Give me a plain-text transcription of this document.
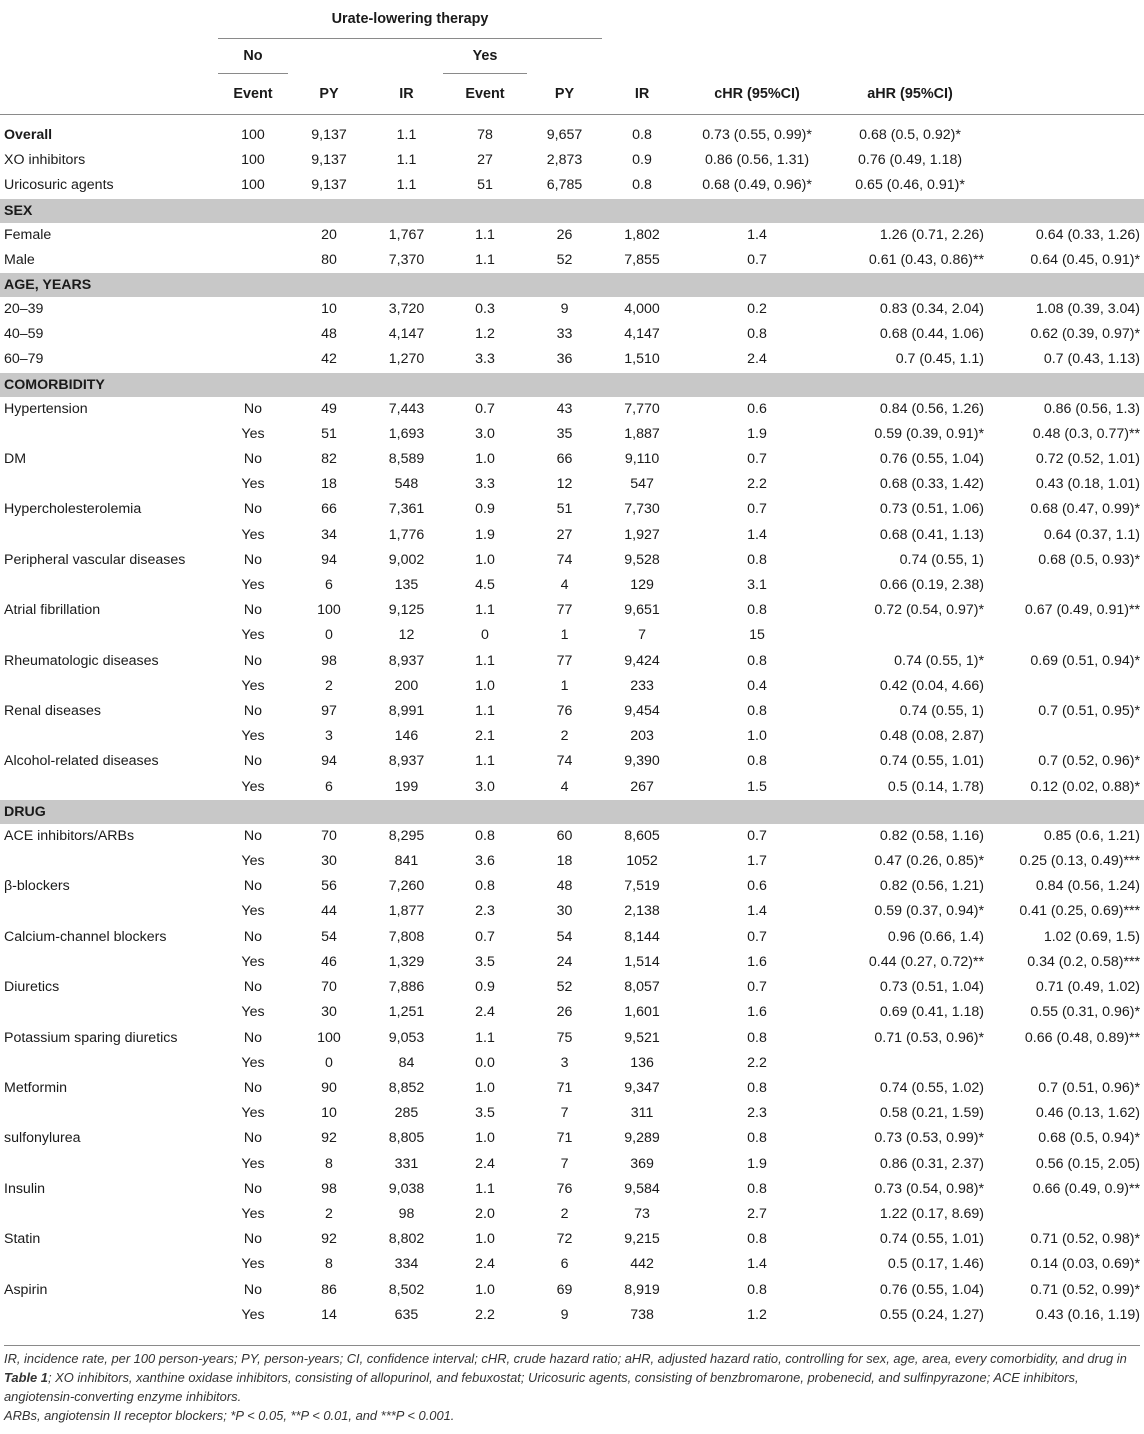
	Urate-lowering therapy								
	No			Yes					
	Event	PY	IR	Event	PY	IR	cHR (95%CI)	aHR (95%CI)	

Overall	100	9,137	1.1	78	9,657	0.8	0.73 (0.55, 0.99)*	0.68 (0.5, 0.92)*	
XO inhibitors	100	9,137	1.1	27	2,873	0.9	0.86 (0.56, 1.31)	0.76 (0.49, 1.18)	
Uricosuric agents	100	9,137	1.1	51	6,785	0.8	0.68 (0.49, 0.96)*	0.65 (0.46, 0.91)*	
SEX									
Female		20	1,767	1.1	26	1,802	1.4	1.26 (0.71, 2.26)	0.64 (0.33, 1.26)
Male		80	7,370	1.1	52	7,855	0.7	0.61 (0.43, 0.86)**	0.64 (0.45, 0.91)*
AGE, YEARS									
20–39		10	3,720	0.3	9	4,000	0.2	0.83 (0.34, 2.04)	1.08 (0.39, 3.04)
40–59		48	4,147	1.2	33	4,147	0.8	0.68 (0.44, 1.06)	0.62 (0.39, 0.97)*
60–79		42	1,270	3.3	36	1,510	2.4	0.7 (0.45, 1.1)	0.7 (0.43, 1.13)
COMORBIDITY									
Hypertension	No	49	7,443	0.7	43	7,770	0.6	0.84 (0.56, 1.26)	0.86 (0.56, 1.3)
	Yes	51	1,693	3.0	35	1,887	1.9	0.59 (0.39, 0.91)*	0.48 (0.3, 0.77)**
DM	No	82	8,589	1.0	66	9,110	0.7	0.76 (0.55, 1.04)	0.72 (0.52, 1.01)
	Yes	18	548	3.3	12	547	2.2	0.68 (0.33, 1.42)	0.43 (0.18, 1.01)
Hypercholesterolemia	No	66	7,361	0.9	51	7,730	0.7	0.73 (0.51, 1.06)	0.68 (0.47, 0.99)*
	Yes	34	1,776	1.9	27	1,927	1.4	0.68 (0.41, 1.13)	0.64 (0.37, 1.1)
Peripheral vascular diseases	No	94	9,002	1.0	74	9,528	0.8	0.74 (0.55, 1)	0.68 (0.5, 0.93)*
	Yes	6	135	4.5	4	129	3.1	0.66 (0.19, 2.38)	
Atrial fibrillation	No	100	9,125	1.1	77	9,651	0.8	0.72 (0.54, 0.97)*	0.67 (0.49, 0.91)**
	Yes	0	12	0	1	7	15		
Rheumatologic diseases	No	98	8,937	1.1	77	9,424	0.8	0.74 (0.55, 1)*	0.69 (0.51, 0.94)*
	Yes	2	200	1.0	1	233	0.4	0.42 (0.04, 4.66)	
Renal diseases	No	97	8,991	1.1	76	9,454	0.8	0.74 (0.55, 1)	0.7 (0.51, 0.95)*
	Yes	3	146	2.1	2	203	1.0	0.48 (0.08, 2.87)	
Alcohol-related diseases	No	94	8,937	1.1	74	9,390	0.8	0.74 (0.55, 1.01)	0.7 (0.52, 0.96)*
	Yes	6	199	3.0	4	267	1.5	0.5 (0.14, 1.78)	0.12 (0.02, 0.88)*
DRUG									
ACE inhibitors/ARBs	No	70	8,295	0.8	60	8,605	0.7	0.82 (0.58, 1.16)	0.85 (0.6, 1.21)
	Yes	30	841	3.6	18	1052	1.7	0.47 (0.26, 0.85)*	0.25 (0.13, 0.49)***
β-blockers	No	56	7,260	0.8	48	7,519	0.6	0.82 (0.56, 1.21)	0.84 (0.56, 1.24)
	Yes	44	1,877	2.3	30	2,138	1.4	0.59 (0.37, 0.94)*	0.41 (0.25, 0.69)***
Calcium-channel blockers	No	54	7,808	0.7	54	8,144	0.7	0.96 (0.66, 1.4)	1.02 (0.69, 1.5)
	Yes	46	1,329	3.5	24	1,514	1.6	0.44 (0.27, 0.72)**	0.34 (0.2, 0.58)***
Diuretics	No	70	7,886	0.9	52	8,057	0.7	0.73 (0.51, 1.04)	0.71 (0.49, 1.02)
	Yes	30	1,251	2.4	26	1,601	1.6	0.69 (0.41, 1.18)	0.55 (0.31, 0.96)*
Potassium sparing diuretics	No	100	9,053	1.1	75	9,521	0.8	0.71 (0.53, 0.96)*	0.66 (0.48, 0.89)**
	Yes	0	84	0.0	3	136	2.2		
Metformin	No	90	8,852	1.0	71	9,347	0.8	0.74 (0.55, 1.02)	0.7 (0.51, 0.96)*
	Yes	10	285	3.5	7	311	2.3	0.58 (0.21, 1.59)	0.46 (0.13, 1.62)
sulfonylurea	No	92	8,805	1.0	71	9,289	0.8	0.73 (0.53, 0.99)*	0.68 (0.5, 0.94)*
	Yes	8	331	2.4	7	369	1.9	0.86 (0.31, 2.37)	0.56 (0.15, 2.05)
Insulin	No	98	9,038	1.1	76	9,584	0.8	0.73 (0.54, 0.98)*	0.66 (0.49, 0.9)**
	Yes	2	98	2.0	2	73	2.7	1.22 (0.17, 8.69)	
Statin	No	92	8,802	1.0	72	9,215	0.8	0.74 (0.55, 1.01)	0.71 (0.52, 0.98)*
	Yes	8	334	2.4	6	442	1.4	0.5 (0.17, 1.46)	0.14 (0.03, 0.69)*
Aspirin	No	86	8,502	1.0	69	8,919	0.8	0.76 (0.55, 1.04)	0.71 (0.52, 0.99)*
	Yes	14	635	2.2	9	738	1.2	0.55 (0.24, 1.27)	0.43 (0.16, 1.19)

IR, incidence rate, per 100 person-years; PY, person-years; CI, confidence interval; cHR, crude hazard ratio; aHR, adjusted hazard ratio, controlling for sex, age, area, every comorbidity, and drug in Table 1; XO inhibitors, xanthine oxidase inhibitors, consisting of allopurinol, and febuxostat; Uricosuric agents, consisting of benzbromarone, probenecid, and sulfinpyrazone; ACE inhibitors, angiotensin-converting enzyme inhibitors.
ARBs, angiotensin II receptor blockers; *P < 0.05, **P < 0.01, and ***P < 0.001.
